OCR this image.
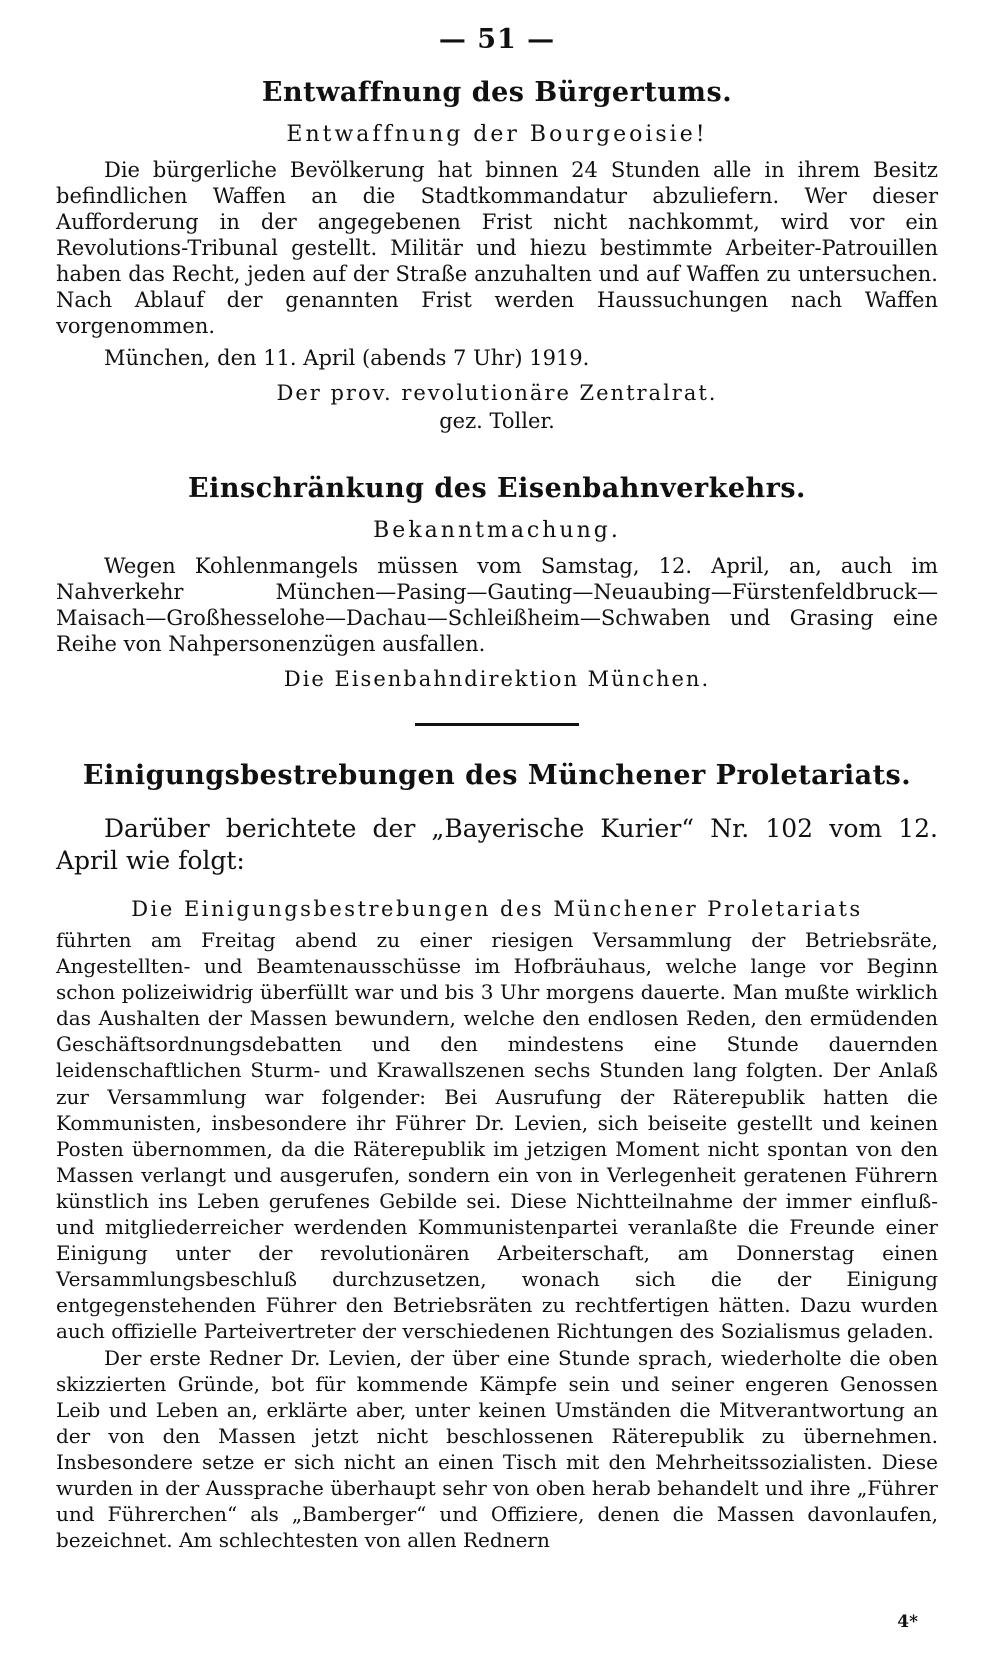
— 51 —
Entwaffnung des Bürgertums.
Entwaffnung der Bourgeoisie!

Die bürgerliche Bevölkerung hat binnen 24 Stunden alle in ihrem Besitz befindlichen Waffen an die Stadtkommandatur abzuliefern. Wer dieser Aufforderung in der angegebenen Frist nicht nachkommt, wird vor ein Revolutions-Tribunal gestellt. Militär und hiezu bestimmte Arbeiter-Patrouillen haben das Recht, jeden auf der Straße anzuhalten und auf Waffen zu untersuchen. Nach Ablauf der genannten Frist werden Haussuchungen nach Waffen vorgenommen.

München, den 11. April (abends 7 Uhr) 1919.
Der prov. revolutionäre Zentralrat.
gez. Toller.
Einschränkung des Eisenbahnverkehrs.
Bekanntmachung.

Wegen Kohlenmangels müssen vom Samstag, 12. April, an, auch im Nahverkehr München—Pasing—Gauting—Neuaubing—Fürstenfeldbruck—Maisach—Großhesselohe—Dachau—Schleißheim—Schwaben und Grasing eine Reihe von Nahpersonenzügen ausfallen.

Die Eisenbahndirektion München.
Einigungsbestrebungen des Münchener Proletariats.

Darüber berichtete der „Bayerische Kurier“ Nr. 102 vom 12. April wie folgt:

Die Einigungsbestrebungen des Münchener Proletariats

führten am Freitag abend zu einer riesigen Versammlung der Betriebsräte, Angestellten- und Beamtenausschüsse im Hofbräuhaus, welche lange vor Beginn schon polizeiwidrig überfüllt war und bis 3 Uhr morgens dauerte. Man mußte wirklich das Aushalten der Massen bewundern, welche den endlosen Reden, den ermüdenden Geschäftsordnungsdebatten und den mindestens eine Stunde dauernden leidenschaftlichen Sturm- und Krawallszenen sechs Stunden lang folgten. Der Anlaß zur Versammlung war folgender: Bei Ausrufung der Räterepublik hatten die Kommunisten, insbesondere ihr Führer Dr. Levien, sich beiseite gestellt und keinen Posten übernommen, da die Räterepublik im jetzigen Moment nicht spontan von den Massen verlangt und ausgerufen, sondern ein von in Verlegenheit geratenen Führern künstlich ins Leben gerufenes Gebilde sei. Diese Nichtteilnahme der immer einfluß- und mitgliederreicher werdenden Kommunistenpartei veranlaßte die Freunde einer Einigung unter der revolutionären Arbeiterschaft, am Donnerstag einen Versammlungsbeschluß durchzusetzen, wonach sich die der Einigung entgegenstehenden Führer den Betriebsräten zu rechtfertigen hätten. Dazu wurden auch offizielle Parteivertreter der verschiedenen Richtungen des Sozialismus geladen.

Der erste Redner Dr. Levien, der über eine Stunde sprach, wiederholte die oben skizzierten Gründe, bot für kommende Kämpfe sein und seiner engeren Genossen Leib und Leben an, erklärte aber, unter keinen Umständen die Mitverantwortung an der von den Massen jetzt nicht beschlossenen Räterepublik zu übernehmen. Insbesondere setze er sich nicht an einen Tisch mit den Mehrheitssozialisten. Diese wurden in der Aussprache überhaupt sehr von oben herab behandelt und ihre „Führer und Führerchen“ als „Bamberger“ und Offiziere, denen die Massen davonlaufen, bezeichnet. Am schlechtesten von allen Rednern

4*
